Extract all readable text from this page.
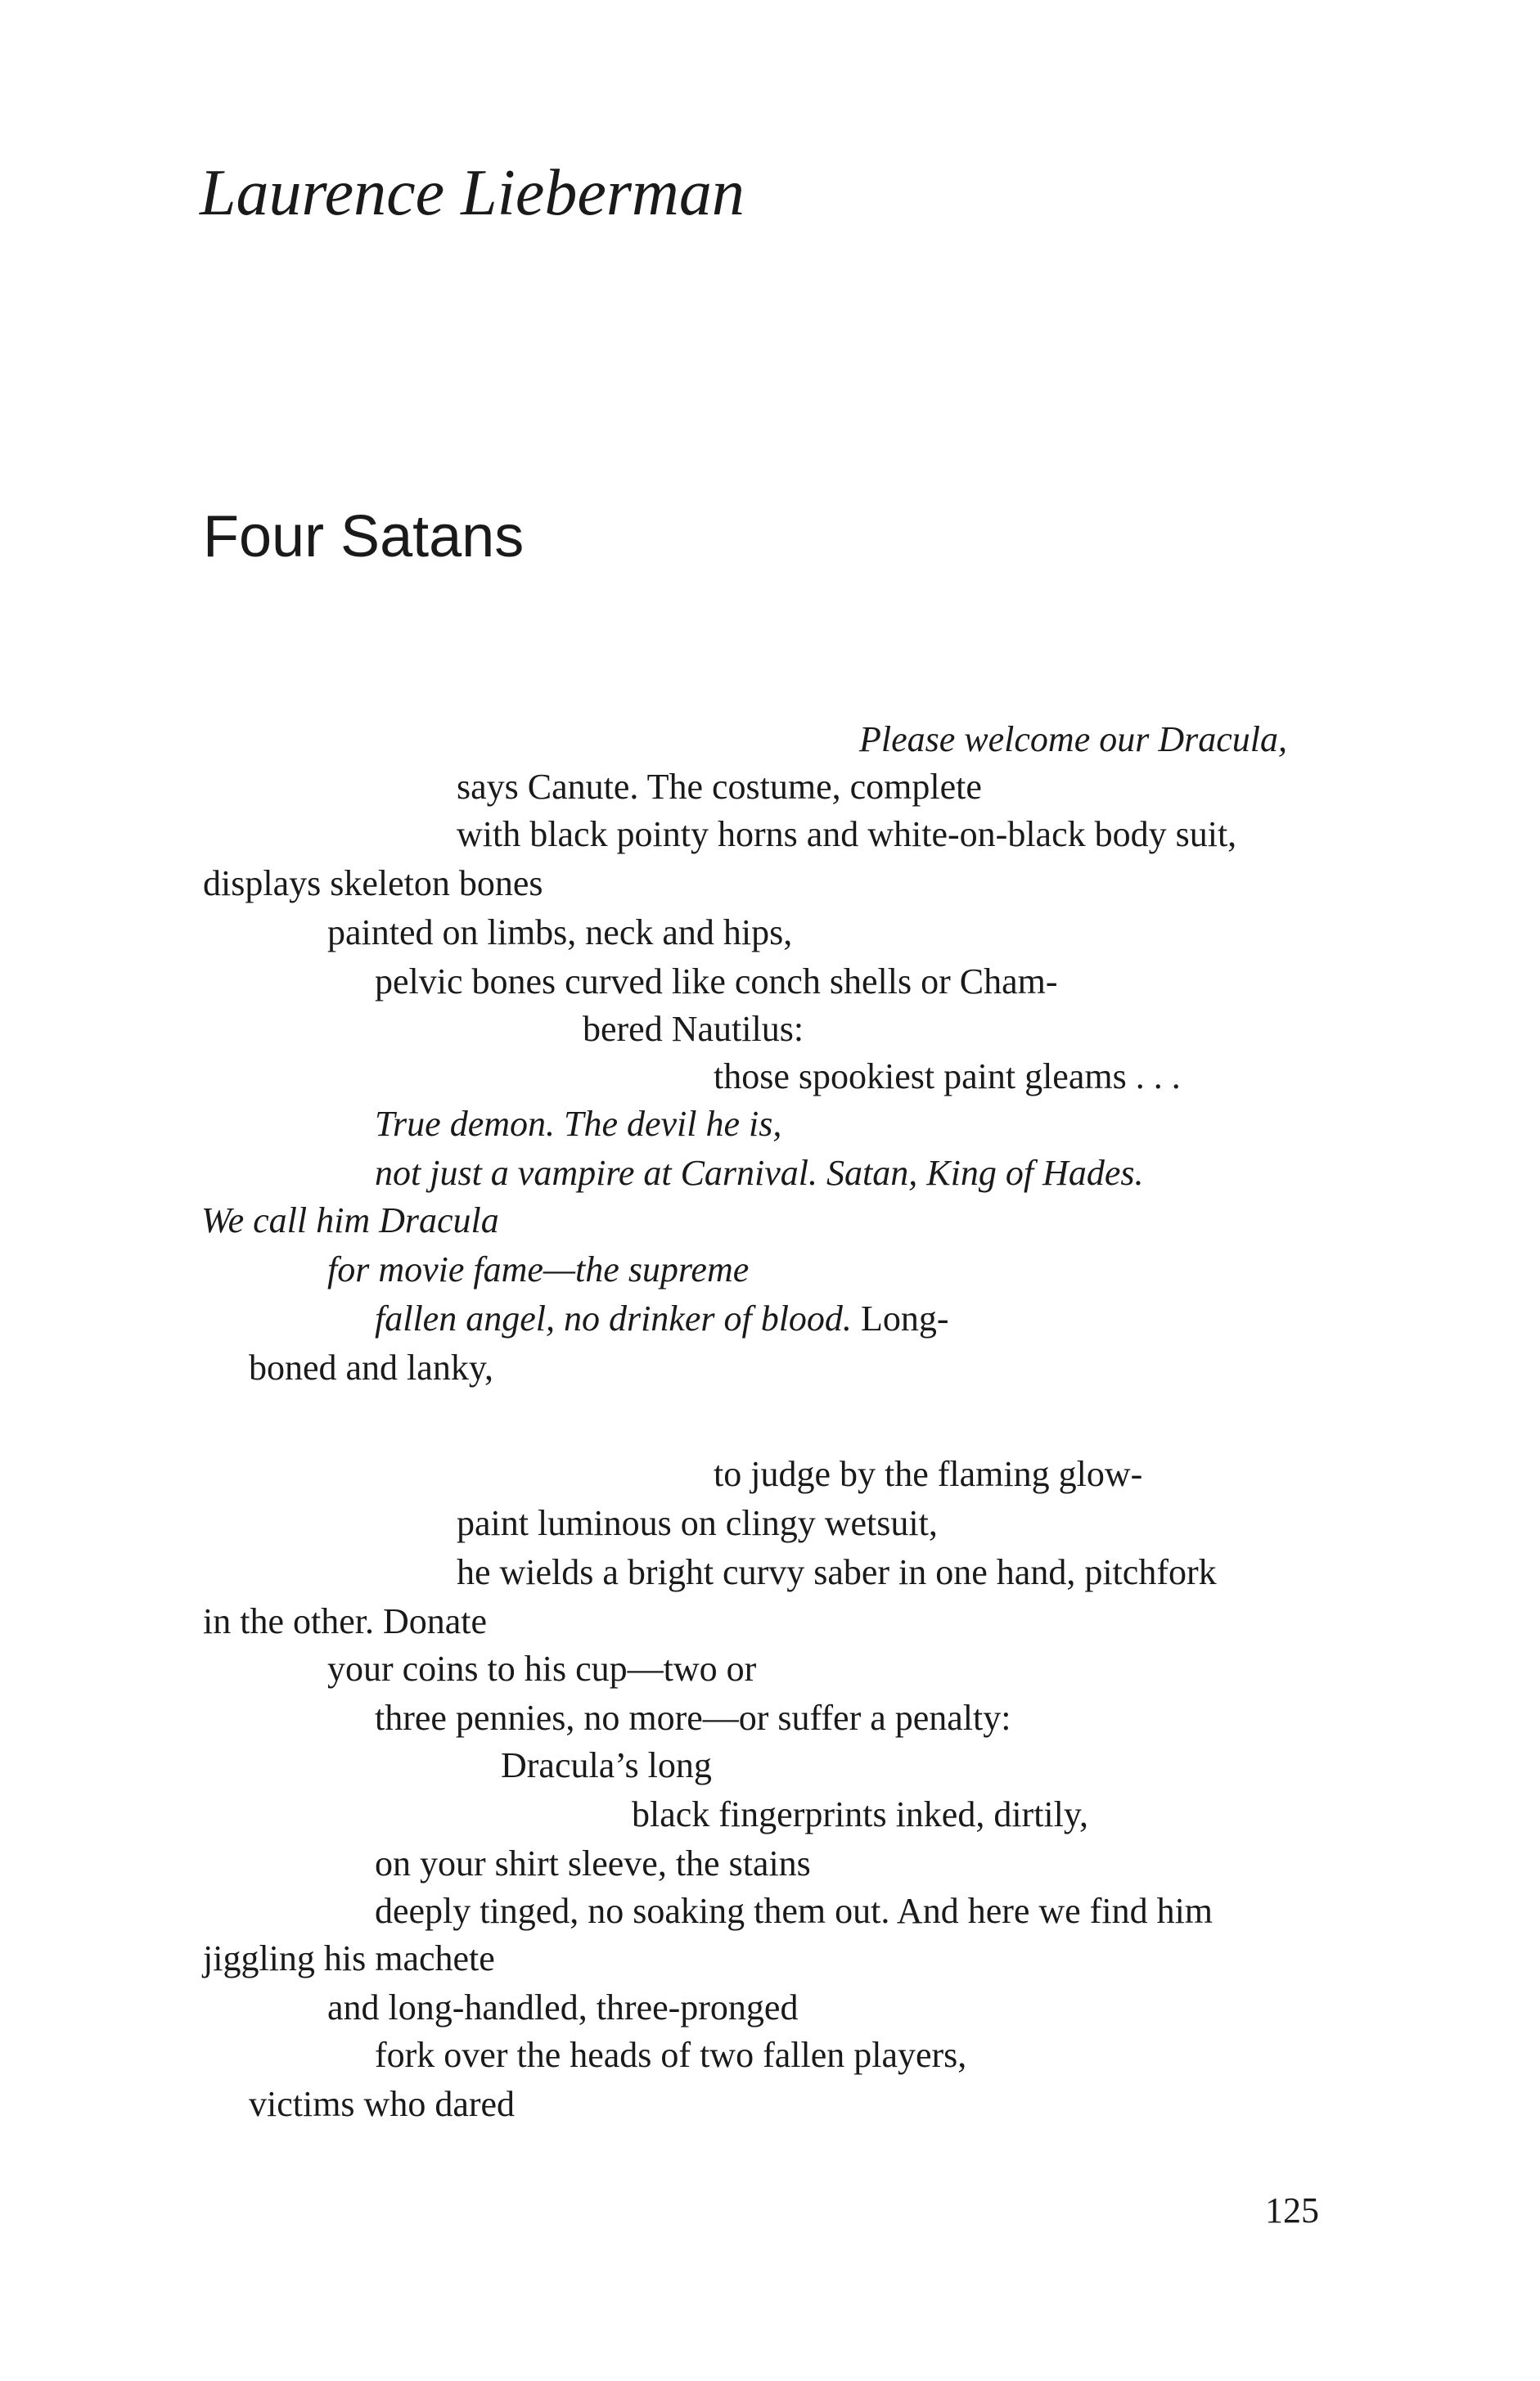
Laurence Lieberman
Four Satans
Please welcome our Dracula,
says Canute. The costume, complete
with black pointy horns and white-on-black body suit,
displays skeleton bones
painted on limbs, neck and hips,
pelvic bones curved like conch shells or Cham-
bered Nautilus:
those spookiest paint gleams . . .
True demon. The devil he is,
not just a vampire at Carnival. Satan, King of Hades.
We call him Dracula
for movie fame—the supreme
fallen angel, no drinker of blood. Long-
boned and lanky,
to judge by the flaming glow-
paint luminous on clingy wetsuit,
he wields a bright curvy saber in one hand, pitchfork
in the other. Donate
your coins to his cup—two or
three pennies, no more—or suffer a penalty:
Dracula’s long
black fingerprints inked, dirtily,
on your shirt sleeve, the stains
deeply tinged, no soaking them out. And here we find him
jiggling his machete
and long-handled, three-pronged
fork over the heads of two fallen players,
victims who dared
125
